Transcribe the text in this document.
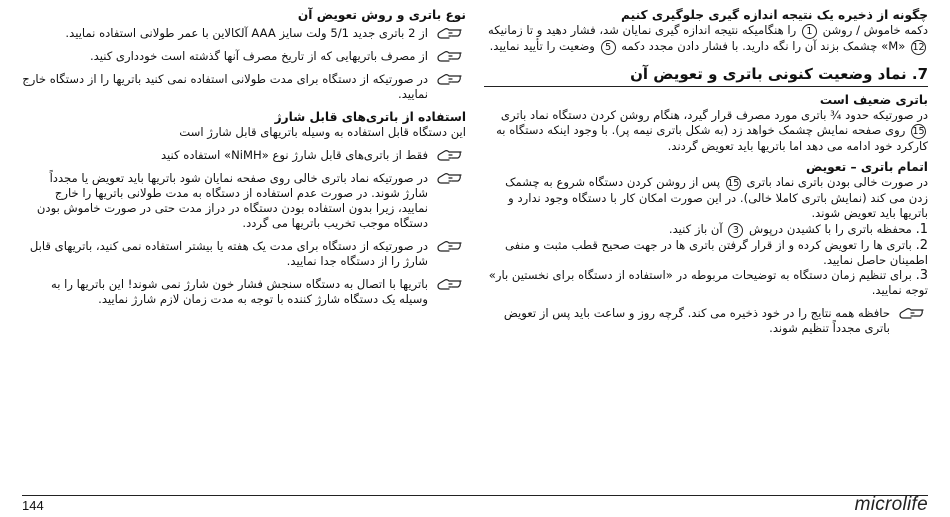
چگونه از ذخیره یک نتیجه اندازه گیری جلوگیری کنیم

دکمه خاموش / روشن 1 را هنگامیکه نتیجه اندازه گیری نمایان شد، فشار دهید و تا زمانیکه 12 «M» چشمک بزند آن را نگه دارید. با فشار دادن مجدد دکمه 5 وضعیت را تأیید نمایید.

7. نماد وضعیت کنونی باتری و تعویض آن
باتری ضعیف است

در صورتیکه حدود ¾ باتری مورد مصرف قرار گیرد، هنگام روشن کردن دستگاه نماد باتری 15 روی صفحه نمایش چشمک خواهد زد (به شکل باتری نیمه پر). با وجود اینکه دستگاه به کارکرد خود ادامه می دهد اما باتریها باید تعویض گردند.

اتمام باتری – تعویض

در صورت خالی بودن باتری نماد باتری 15 پس از روشن کردن دستگاه شروع به چشمک زدن می کند (نمایش باتری کاملا خالی). در این صورت امکان کار با دستگاه وجود ندارد و باتریها باید تعویض شوند.

1. محفظه باتری را با کشیدن درپوش 3 آن باز کنید.
2. باتری ها را تعویض کرده و از قرار گرفتن باتری ها در جهت صحیح قطب مثبت و منفی اطمینان حاصل نمایید.
3. برای تنظیم زمان دستگاه به توضیحات مربوطه در «استفاده از دستگاه برای نخستین بار» توجه نمایید.
حافظه همه نتایج را در خود ذخیره می کند. گرچه روز و ساعت باید پس از تعویض باتری مجدداً تنظیم شوند.
نوع باتری و روش تعویض آن
از 2 باتری جدید 5/1 ولت سایز AAA آلکالاین با عمر طولانی استفاده نمایید.
از مصرف باتریهایی که از تاریخ مصرف آنها گذشته است خودداری کنید.
در صورتیکه از دستگاه برای مدت طولانی استفاده نمی کنید باتریها را از دستگاه خارج نمایید.
استفاده از باتری‌های قابل شارژ

این دستگاه قابل استفاده به وسیله باتریهای قابل شارژ است

فقط از باتری‌های قابل شارژ نوع «NiMH» استفاده کنید
در صورتیکه نماد باتری خالی روی صفحه نمایان شود باتریها باید تعویض یا مجدداً شارژ شوند. در صورت عدم استفاده از دستگاه به مدت طولانی باتریها را خارج نمایید، زیرا بدون استفاده بودن دستگاه در دراز مدت حتی در صورت خاموش بودن دستگاه موجب تخریب باتریها می گردد.
در صورتیکه از دستگاه برای مدت یک هفته یا بیشتر استفاده نمی کنید، باتریهای قابل شارژ را از دستگاه جدا نمایید.
باتریها با اتصال به دستگاه سنجش فشار خون شارژ نمی شوند! این باتریها را به وسیله یک دستگاه شارژ کننده با توجه به مدت زمان لازم شارژ نمایید.
144	microlife
